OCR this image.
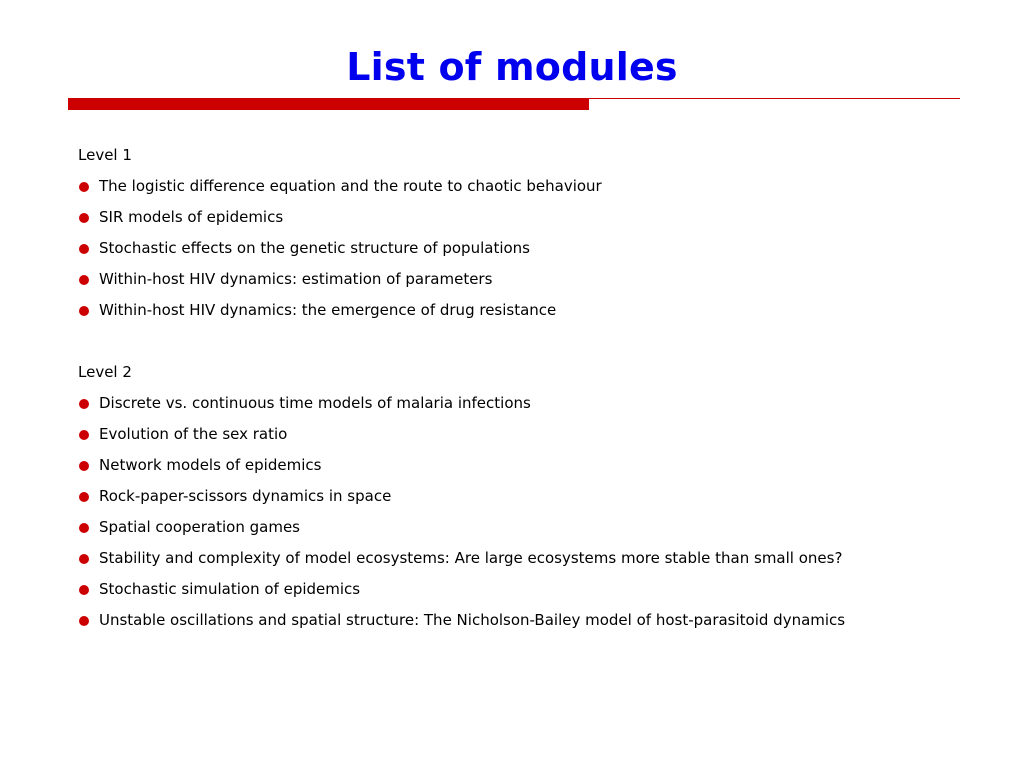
List of modules
Level 1
The logistic difference equation and the route to chaotic behaviour
SIR models of epidemics
Stochastic effects on the genetic structure of populations
Within-host HIV dynamics: estimation of parameters
Within-host HIV dynamics: the emergence of drug resistance
Level 2
Discrete vs. continuous time models of malaria infections
Evolution of the sex ratio
Network models of epidemics
Rock-paper-scissors dynamics in space
Spatial cooperation games
Stability and complexity of model ecosystems: Are large ecosystems more stable than small ones?
Stochastic simulation of epidemics
Unstable oscillations and spatial structure: The Nicholson-Bailey model of host-parasitoid dynamics
